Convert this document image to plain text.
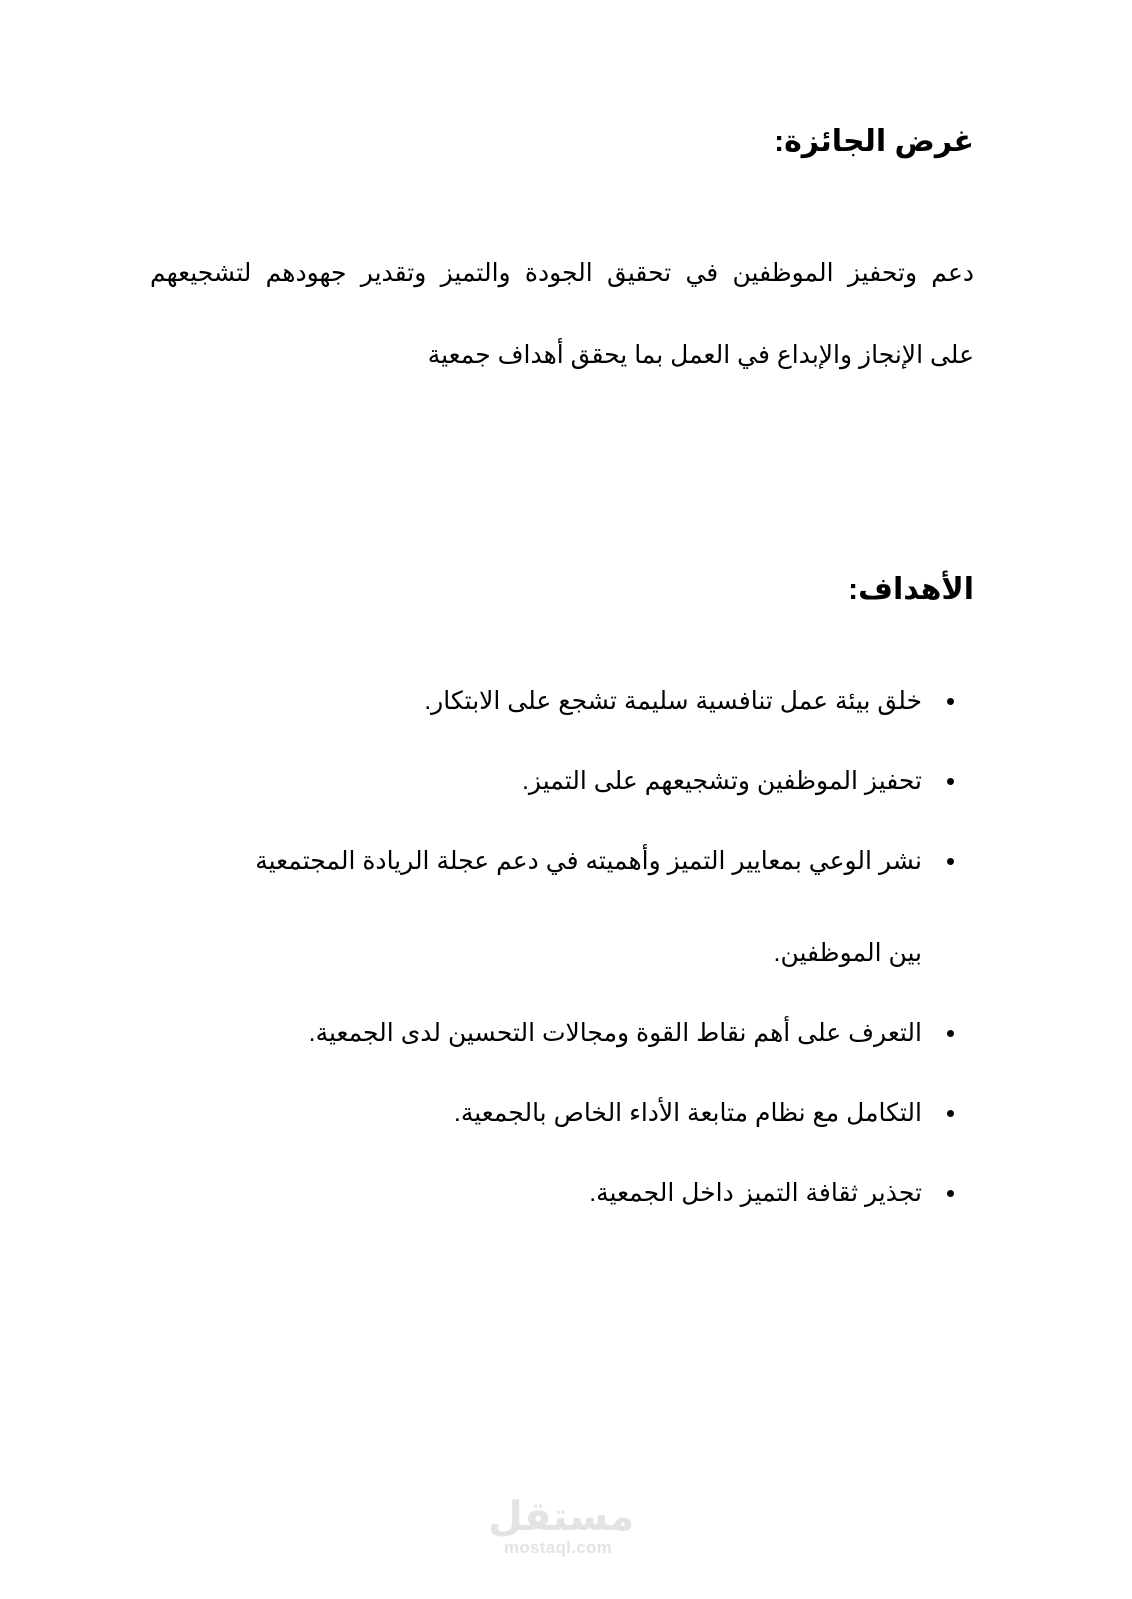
غرض الجائزة:

دعم وتحفيز الموظفين في تحقيق الجودة والتميز وتقدير جهودهم لتشجيعهم
على الإنجاز والإبداع في العمل بما يحقق أهداف جمعية

الأهداف:
خلق بيئة عمل تنافسية سليمة تشجع على الابتكار.
تحفيز الموظفين وتشجيعهم على التميز.
نشر الوعي بمعايير التميز وأهميته في دعم عجلة الريادة المجتمعية
بين الموظفين.
التعرف على أهم نقاط القوة ومجالات التحسين لدى الجمعية.
التكامل مع نظام متابعة الأداء الخاص بالجمعية.
تجذير ثقافة التميز داخل الجمعية.
مستقل
mostaql.com
